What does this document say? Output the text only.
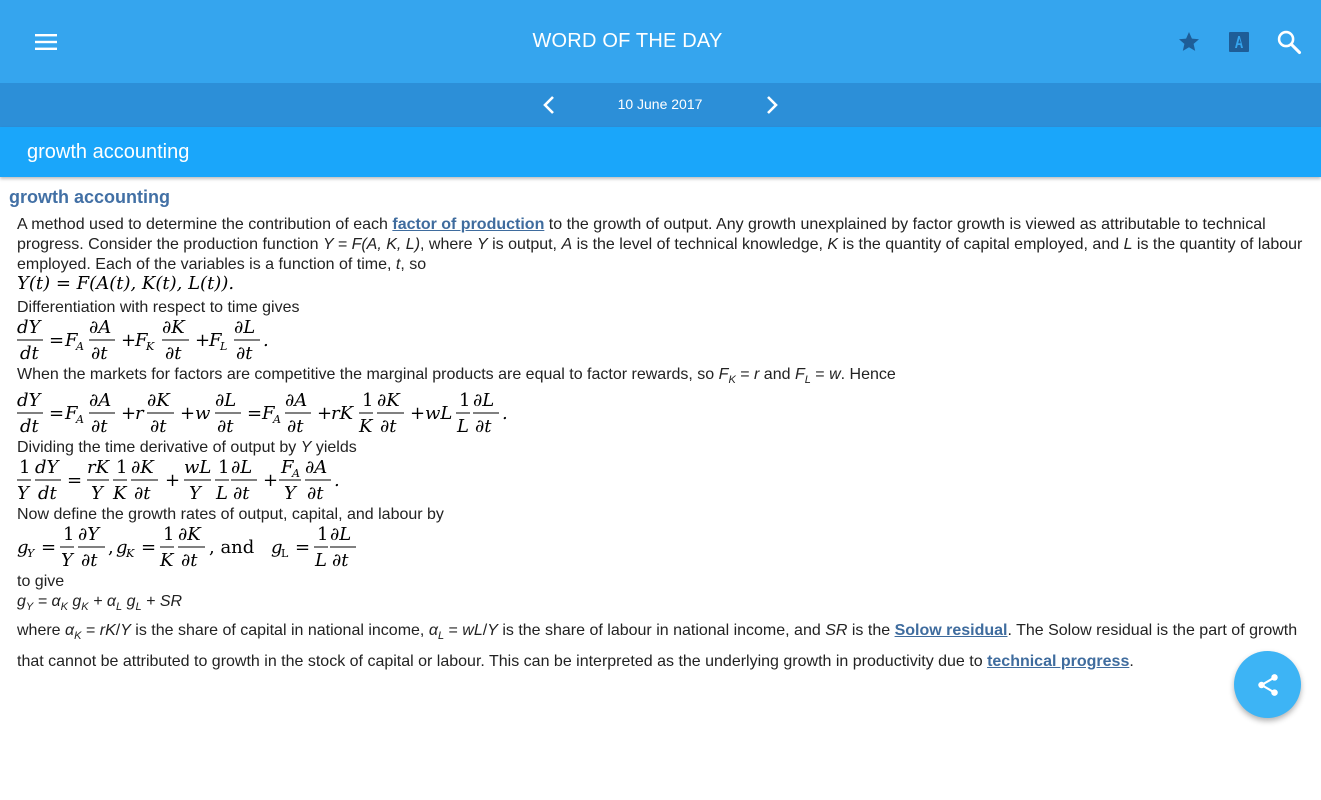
WORD OF THE DAY
10 June 2017
growth accounting
growth accounting
A method used to determine the contribution of each factor of production to the growth of output. Any growth unexplained by factor growth is viewed as attributable to technical progress. Consider the production function Y = F(A, K, L), where Y is output, A is the level of technical knowledge, K is the quantity of capital employed, and L is the quantity of labour employed. Each of the variables is a function of time, t, so
Y(t) = F(A(t), K(t), L(t)).
Differentiation with respect to time gives
dY
dt
= F
A
∂A
∂t
+
F
K
∂K
∂t
+
F
L
∂L
∂t
.
When the markets for factors are competitive the marginal products are equal to factor rewards, so $F_K = r$ and $F_L = w$. Hence
dY
dt
= F
A
∂A
∂t
+
r
∂K
∂t
+ w
∂L
∂t
= F
A
∂A
∂t
+
rK
1
K
∂K
∂t
+ wL
1
L
∂L
∂t
.
Dividing the time derivative of output by Y yields
1
Y
dY
dt
=
rK
Y
1
K
∂K
∂t
+
wL
Y
1
L
∂L
∂t
+
F
A
Y
∂A
∂t
.
Now define the growth rates of output, capital, and labour by
g
Y =
1
Y
∂Y
∂t
, g
K =
1
K
∂K
∂t
, and g
L =
1
L
∂L
∂t
to give
$g_Y = \alpha_K$ $g_K + \alpha_L$ $g_L$ + SR
where $\alpha_K = rK/Y$ is the share of capital in national income, $\alpha_L = wL/Y$ is the share of labour in national income, and SR is the Solow residual. The Solow residual is the part of growth that cannot be attributed to growth in the stock of capital or labour. This can be interpreted as the underlying growth in productivity due to technical progress.
